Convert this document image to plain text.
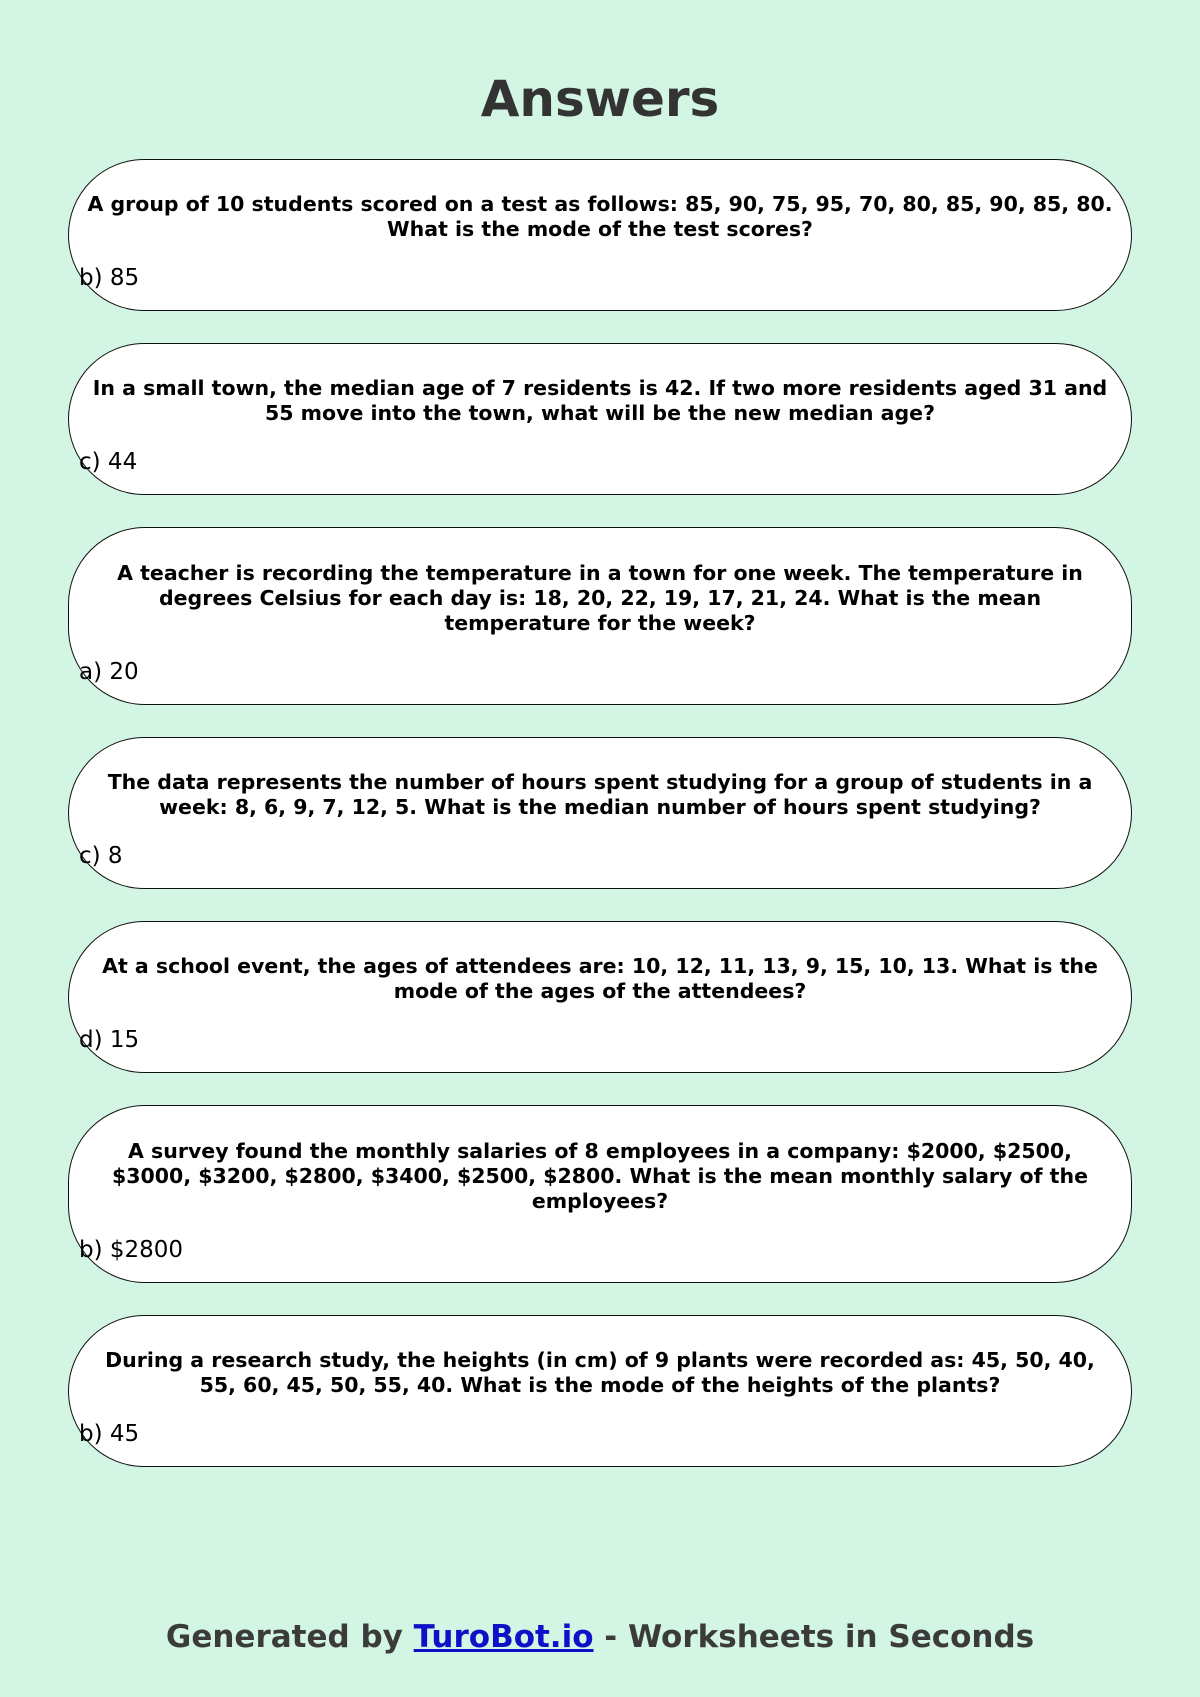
Answers

A group of 10 students scored on a test as follows: 85, 90, 75, 95, 70, 80, 85, 90, 85, 80. What is the mode of the test scores?

b) 85

In a small town, the median age of 7 residents is 42. If two more residents aged 31 and 55 move into the town, what will be the new median age?

c) 44

A teacher is recording the temperature in a town for one week. The temperature in degrees Celsius for each day is: 18, 20, 22, 19, 17, 21, 24. What is the mean temperature for the week?

a) 20

The data represents the number of hours spent studying for a group of students in a week: 8, 6, 9, 7, 12, 5. What is the median number of hours spent studying?

c) 8

At a school event, the ages of attendees are: 10, 12, 11, 13, 9, 15, 10, 13. What is the mode of the ages of the attendees?

d) 15

A survey found the monthly salaries of 8 employees in a company: $2000, $2500, $3000, $3200, $2800, $3400, $2500, $2800. What is the mean monthly salary of the employees?

b) $2800

During a research study, the heights (in cm) of 9 plants were recorded as: 45, 50, 40, 55, 60, 45, 50, 55, 40. What is the mode of the heights of the plants?

b) 45
Generated by TuroBot.io - Worksheets in Seconds
